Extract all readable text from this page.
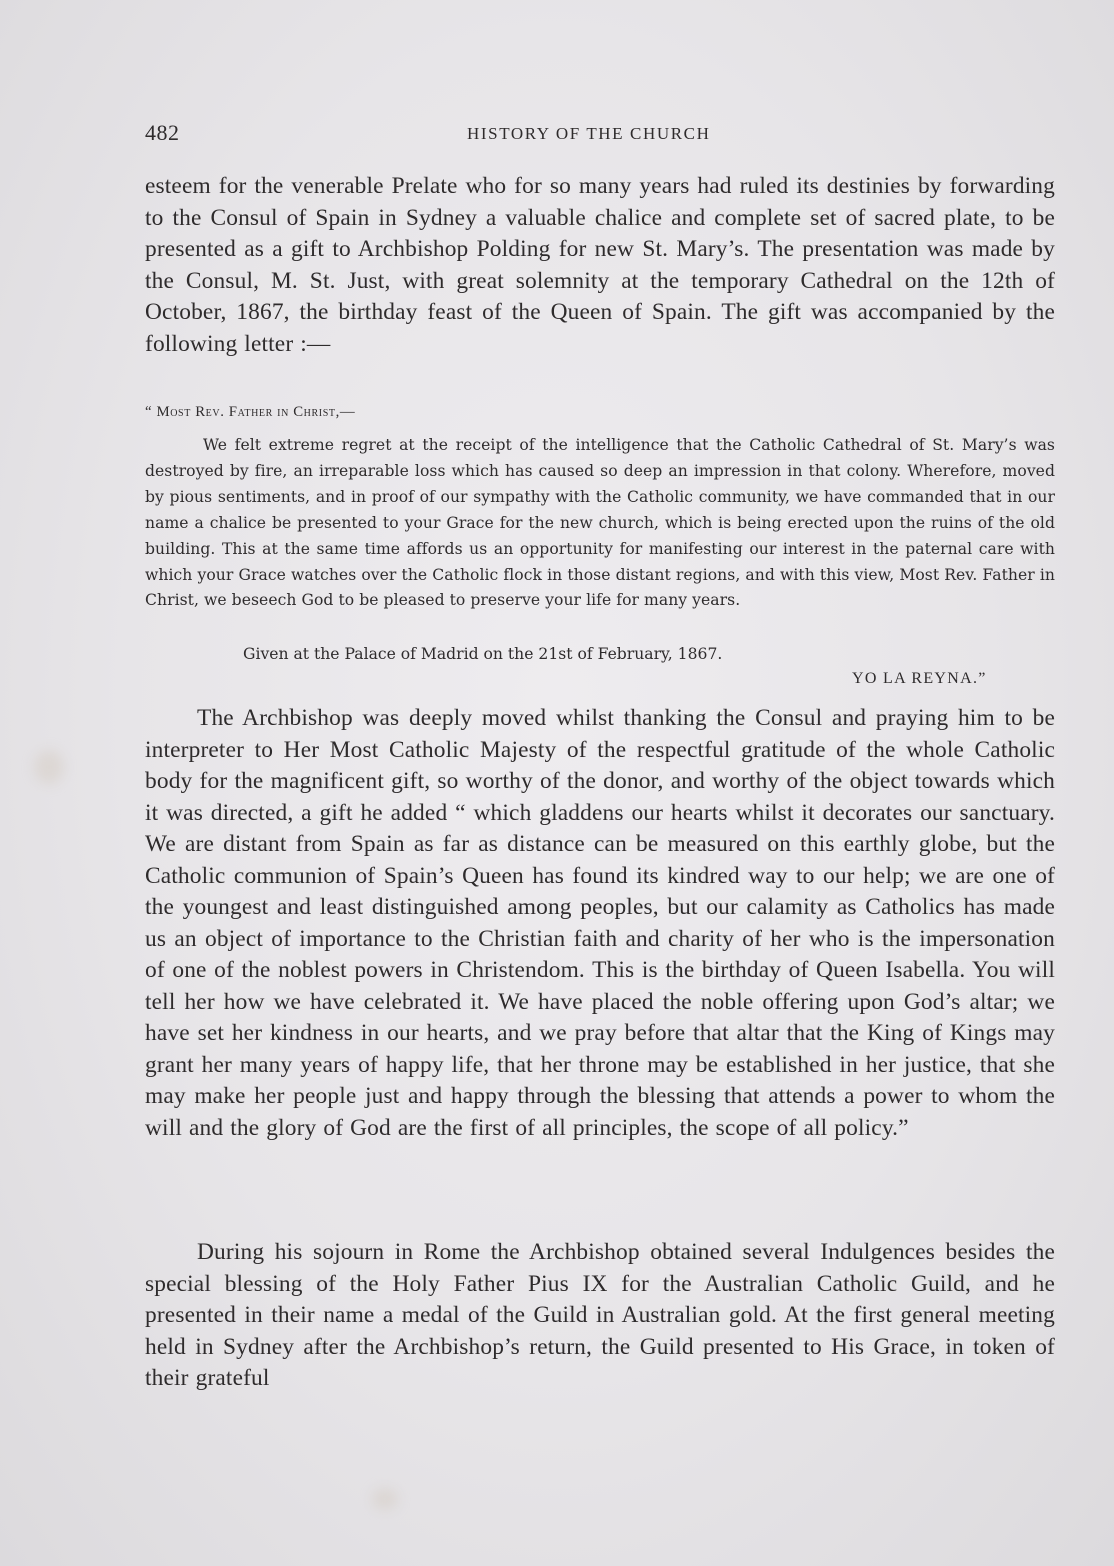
482	HISTORY OF THE CHURCH

esteem for the venerable Prelate who for so many years had ruled its destinies by forwarding to the Consul of Spain in Sydney a valuable chalice and complete set of sacred plate, to be presented as a gift to Archbishop Polding for new St. Mary’s. The presentation was made by the Consul, M. St. Just, with great solemnity at the temporary Cathedral on the 12th of October, 1867, the birthday feast of the Queen of Spain. The gift was accompanied by the following letter :—

“ Most Rev. Father in Christ,—

We felt extreme regret at the receipt of the intelligence that the Catholic Cathedral of St. Mary’s was destroyed by fire, an irreparable loss which has caused so deep an impression in that colony. Wherefore, moved by pious sentiments, and in proof of our sympathy with the Catholic community, we have commanded that in our name a chalice be presented to your Grace for the new church, which is being erected upon the ruins of the old building. This at the same time affords us an opportunity for manifesting our interest in the paternal care with which your Grace watches over the Catholic flock in those distant regions, and with this view, Most Rev. Father in Christ, we beseech God to be pleased to preserve your life for many years.

Given at the Palace of Madrid on the 21st of February, 1867.

YO LA REYNA.”

The Archbishop was deeply moved whilst thanking the Consul and praying him to be interpreter to Her Most Catholic Majesty of the respectful gratitude of the whole Catholic body for the magnificent gift, so worthy of the donor, and worthy of the object towards which it was directed, a gift he added “ which gladdens our hearts whilst it decorates our sanctuary. We are distant from Spain as far as distance can be measured on this earthly globe, but the Catholic communion of Spain’s Queen has found its kindred way to our help; we are one of the youngest and least distinguished among peoples, but our calamity as Catholics has made us an object of importance to the Christian faith and charity of her who is the impersonation of one of the noblest powers in Christendom. This is the birthday of Queen Isabella. You will tell her how we have celebrated it. We have placed the noble offering upon God’s altar; we have set her kindness in our hearts, and we pray before that altar that the King of Kings may grant her many years of happy life, that her throne may be established in her justice, that she may make her people just and happy through the blessing that attends a power to whom the will and the glory of God are the first of all principles, the scope of all policy.”

During his sojourn in Rome the Archbishop obtained several Indulgences besides the special blessing of the Holy Father Pius IX for the Australian Catholic Guild, and he presented in their name a medal of the Guild in Australian gold. At the first general meeting held in Sydney after the Archbishop’s return, the Guild presented to His Grace, in token of their grateful
